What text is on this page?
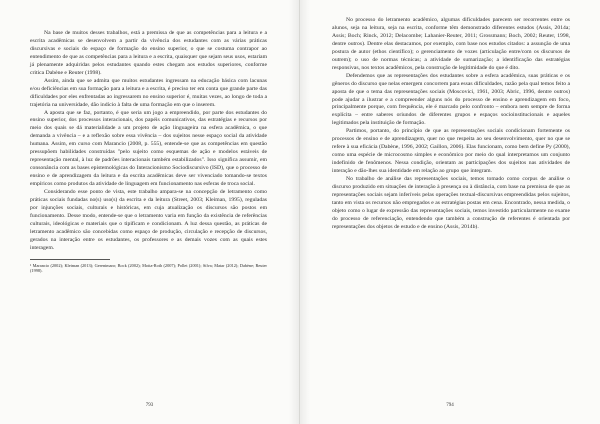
Na base de muitos desses trabalhos, está a premissa de que as competências para a leitura e a escrita acadêmicas se desenvolvem a partir da vivência dos estudantes com as várias práticas discursivas e sociais do espaço de formação do ensino superior, o que se costuma contrapor ao entendimento de que as competências para a leitura e a escrita, quaisquer que sejam seus usos, estariam já plenamente adquiridas pelos estudantes quando estes chegam aos estudos superiores, conforme critica Dabène e Reuter (1998).

Assim, ainda que se admita que muitos estudantes ingressam na educação básica com lacunas e/ou deficiências em sua formação para a leitura e a escrita, é preciso ter em conta que grande parte das dificuldades por eles enfrentadas ao ingressarem no ensino superior é, muitas vezes, ao longo de toda a trajetória na universidade, dão indício à falta de uma formação em que o inserem.

A aposta que se faz, portanto, é que seria um jogo a empreendido, por parte dos estudantes do ensino superior, dos processos interacionais, dos papéis comunicativos, das estratégias e recursos por meio dos quais se dá materialidade a um projeto de ação linguageira na esfera acadêmica, o que demanda a vivência – e a reflexão sobre essa vivência – dos sujeitos nesse espaço social da atividade humana. Assim, em curso com Marancio (2008, p. 555), entende-se que as competências em questão pressupõem habilidades construídas "pelo sujeito como esquemas de ação e modelos estáveis de representação mental, à luz de padrões interacionais também estabilizados". Isso significa assumir, em consonância com as bases epistemológicas do Interacionismo Sociodiscursivo (ISD), que o processo de ensino e de aprendizagem da leitura e da escrita acadêmicas deve ser vivenciado tomando-se textos empíricos como produtos da atividade de linguagem em funcionamento nas esferas de troca social.

Considerando esse ponto de vista, este trabalho ampara-se na concepção de letramento como práticas sociais fundadas no(s) uso(s) da escrita e da leitura (Street, 2003; Kleiman, 1995), reguladas por injunções sociais, culturais e históricas, em cuja atualização os discursos são postos em funcionamento. Desse modo, entende-se que o letramento varia em função da existência de referências culturais, ideológicas e materiais que o tipificam e condicionam. A luz dessa questão, as práticas de letramento acadêmico são concebidas como espaço de produção, circulação e recepção de discursos, gerados na interação entre os estudantes, os professores e as demais vozes com as quais estes interagem.

¹ Marancio (2002); Kleiman (2013); Gerenimaro; Bock (2002); Motta-Roth (2007); Pollet (2001); Silva; Matar (2012); Dabène; Reuter (1998).

793

No processo do letramento acadêmico, algumas dificuldades parecem ser recorrentes entre os alunos, seja na leitura, seja na escrita, conforme têm demonstrado diferentes estudos (Assis, 2014a; Assis; Boch; Rinck, 2012; Delacombe; Lahanier-Reuter, 2011; Grossmann; Boch, 2002; Reuter, 1998, dentre outros). Dentre elas destacamos, por exemplo, com base nos estudos citados: a assunção de uma postura de autor (ethos científico); o gerenciamento de vozes (articulação entre/com os discursos de outrem); o uso de normas técnicas; a atividade de sumarização; a identificação das estratégias responsivas, nos textos acadêmicos, pela construção de legitimidade do que é dito.

Defendemos que as representações dos estudantes sobre a esfera acadêmica, suas práticas e os gêneros do discurso que nelas emergem concorrem para essas dificuldades, razão pela qual temos feito a aposta de que o tema das representações sociais (Moscovici, 1961, 2003; Abric, 1996, dentre outros) pode ajudar a ilustrar e a compreender alguns nós do processo de ensino e aprendizagem em foco, principalmente porque, com frequência, ele é marcado pelo confronto – embora nem sempre de forma explícita – entre saberes oriundos de diferentes grupos e espaços socioinstitucionais e aqueles legitimados pela instituição de formação.

Partimos, portanto, do princípio de que as representações sociais condicionam fortemente os processos de ensino e de aprendizagem, quer no que respeita ao seu desenvolvimento, quer no que se refere à sua eficácia (Dabène, 1996, 2002; Gaillon, 2006). Elas funcionam, como bem define Py (2000), como uma espécie de microcosmo simples e econômico por meio do qual interpretamos um conjunto indefinido de fenômenos. Nessa condição, orientam as participações dos sujeitos nas atividades de interação e dão-lhes sua identidade em relação ao grupo que integram.

No trabalho de análise das representações sociais, temos tomado como corpus de análise o discurso produzido em situações de interação à presença ou à distância, com base na premissa de que as representações sociais sejam inferíveis pelas operações textual-discursivas empreendidas pelos sujeitos, tanto em vista os recursos não empregados e as estratégias postas em cena. Encontrado, nessa medida, o objeto como o lugar de expressão das representações sociais, temos investido particularmente no exame do processo de referenciação, entendendo que também a construção de referentes é orientada por representações dos objetos de estudo e de ensino (Assis, 2014b).

794
